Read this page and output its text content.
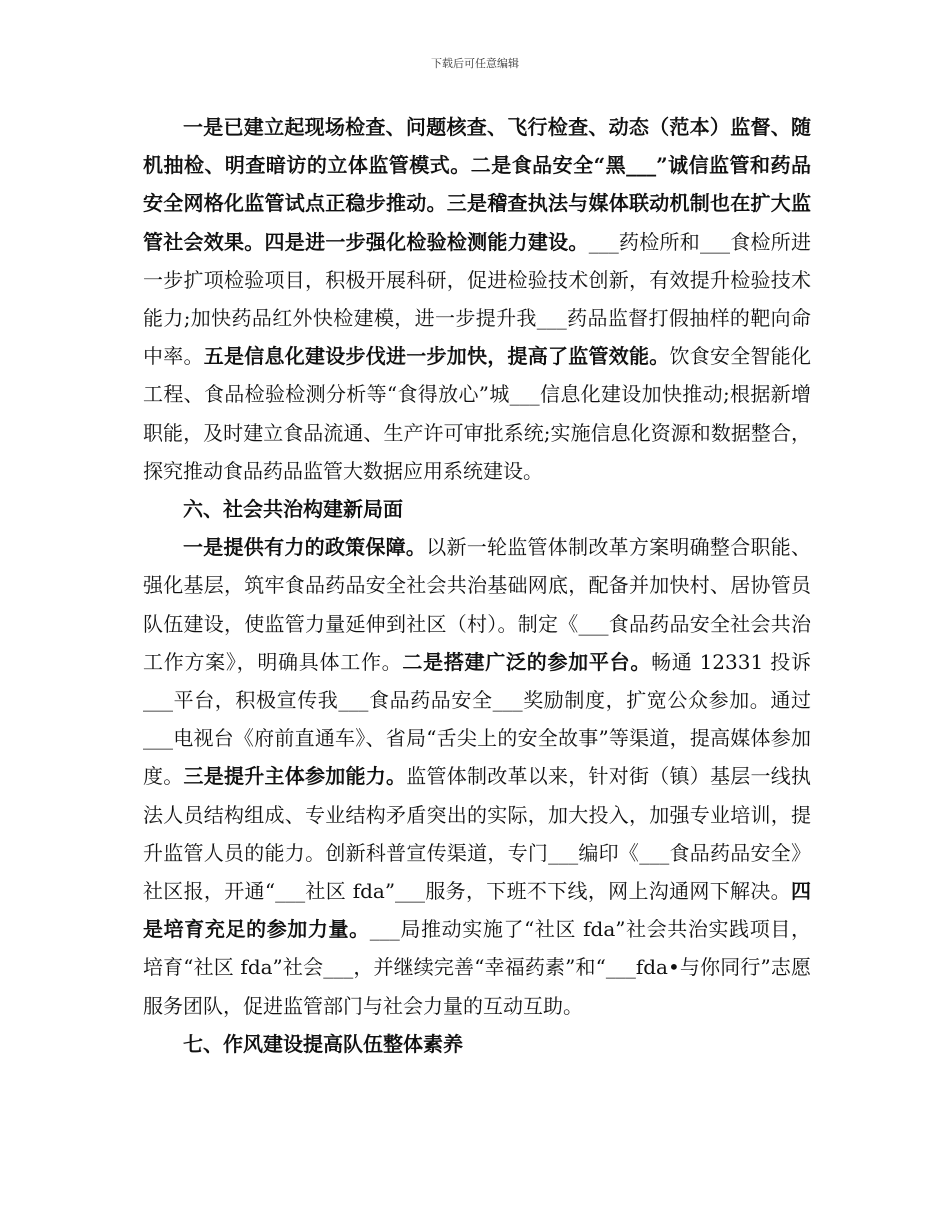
下载后可任意编辑

一是已建立起现场检查、问题核查、飞行检查、动态（范本）监督、随机抽检、明查暗访的立体监管模式。二是食品安全“黑___”诚信监管和药品安全网格化监管试点正稳步推动。三是稽查执法与媒体联动机制也在扩大监管社会效果。四是进一步强化检验检测能力建设。___药检所和___食检所进一步扩项检验项目，积极开展科研，促进检验技术创新，有效提升检验技术能力;加快药品红外快检建模，进一步提升我___药品监督打假抽样的靶向命中率。五是信息化建设步伐进一步加快，提高了监管效能。饮食安全智能化工程、食品检验检测分析等“食得放心”城___信息化建设加快推动;根据新增职能，及时建立食品流通、生产许可审批系统;实施信息化资源和数据整合，探究推动食品药品监管大数据应用系统建设。

六、社会共治构建新局面

一是提供有力的政策保障。以新一轮监管体制改革方案明确整合职能、强化基层，筑牢食品药品安全社会共治基础网底，配备并加快村、居协管员队伍建设，使监管力量延伸到社区（村）。制定《___食品药品安全社会共治工作方案》，明确具体工作。二是搭建广泛的参加平台。畅通 12331 投诉___平台，积极宣传我___食品药品安全___奖励制度，扩宽公众参加。通过___电视台《府前直通车》、省局“舌尖上的安全故事”等渠道，提高媒体参加度。三是提升主体参加能力。监管体制改革以来，针对街（镇）基层一线执法人员结构组成、专业结构矛盾突出的实际，加大投入，加强专业培训，提升监管人员的能力。创新科普宣传渠道，专门___编印《___食品药品安全》社区报，开通“___社区 fda”___服务，下班不下线，网上沟通网下解决。四是培育充足的参加力量。___局推动实施了“社区 fda”社会共治实践项目，培育“社区 fda”社会___，并继续完善“幸福药素”和“___fda•与你同行”志愿服务团队，促进监管部门与社会力量的互动互助。

七、作风建设提高队伍整体素养
